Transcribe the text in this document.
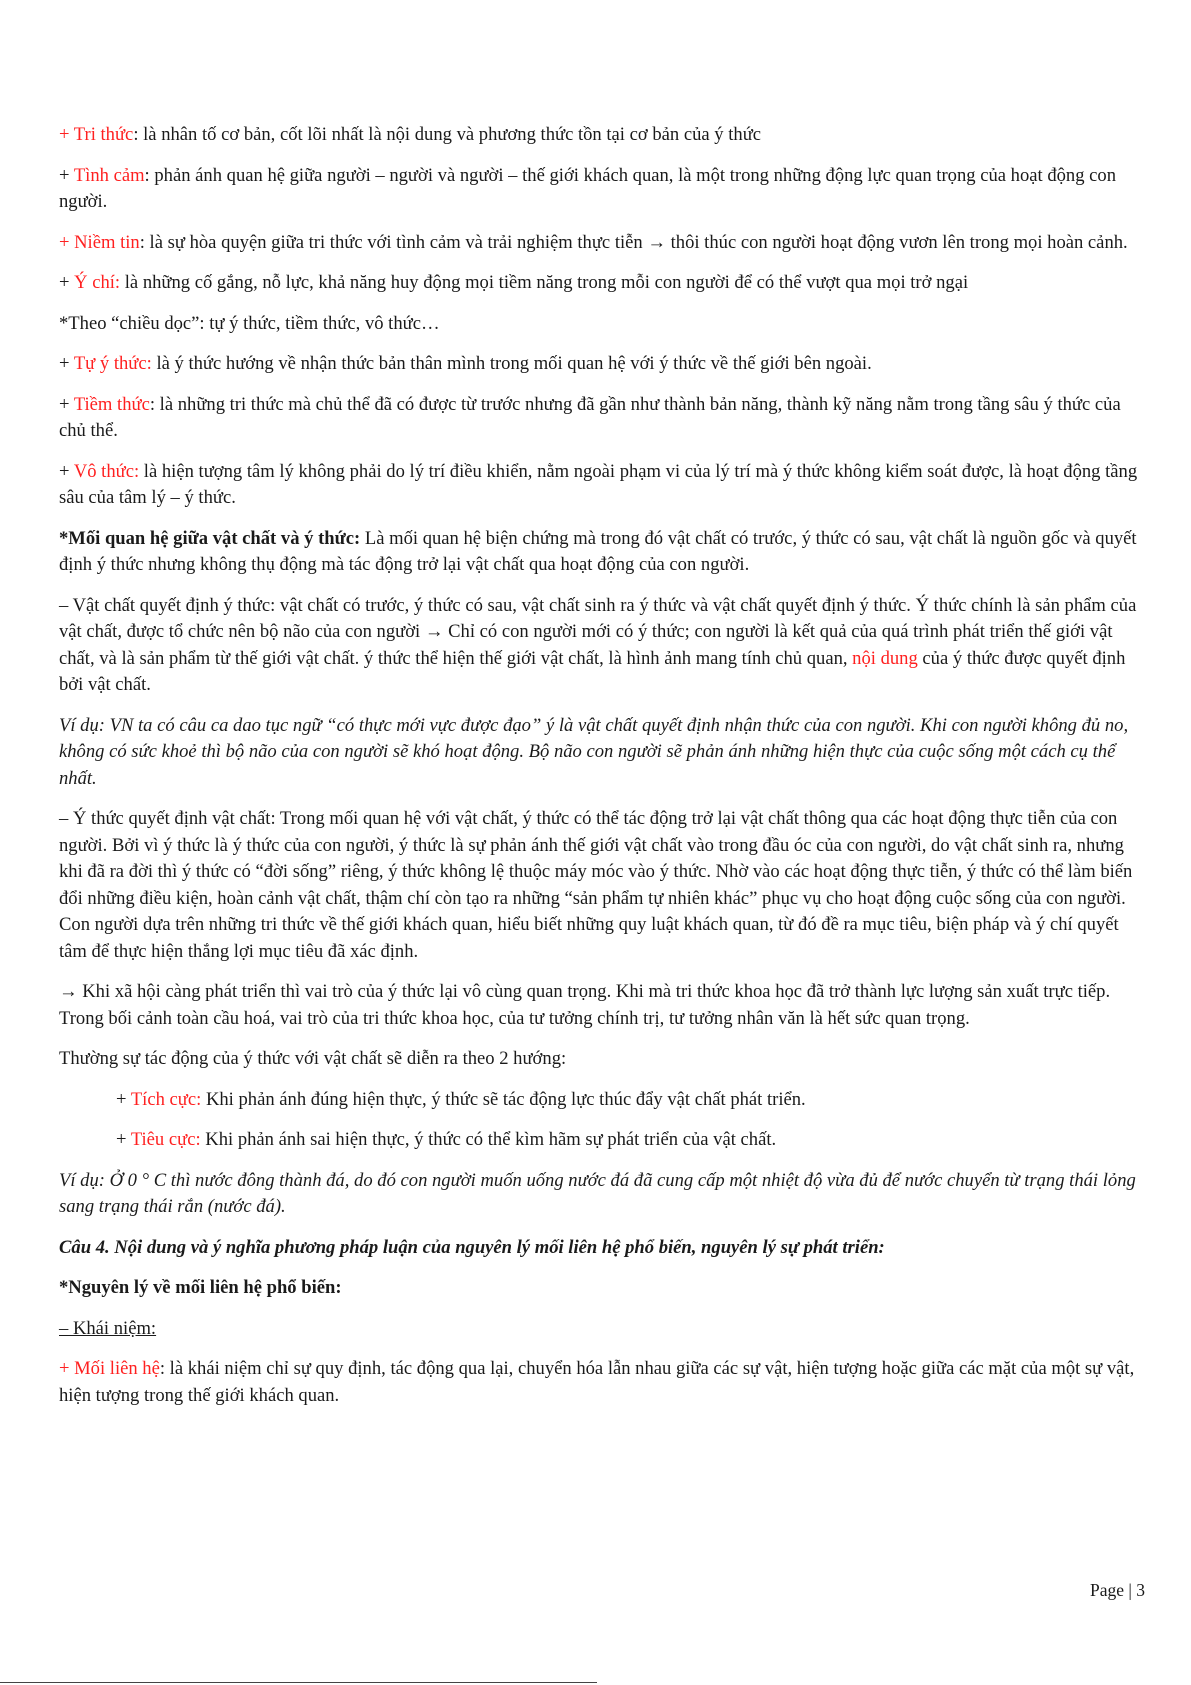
+ Tri thức: là nhân tố cơ bản, cốt lõi nhất là nội dung và phương thức tồn tại cơ bản của ý thức

+ Tình cảm: phản ánh quan hệ giữa người – người và người – thế giới khách quan, là một trong những động lực quan trọng của hoạt động con người.

+ Niềm tin: là sự hòa quyện giữa tri thức với tình cảm và trải nghiệm thực tiễn → thôi thúc con người hoạt động vươn lên trong mọi hoàn cảnh.

+ Ý chí: là những cố gắng, nỗ lực, khả năng huy động mọi tiềm năng trong mỗi con người để có thể vượt qua mọi trở ngại

*Theo “chiều dọc”: tự ý thức, tiềm thức, vô thức…

+ Tự ý thức: là ý thức hướng về nhận thức bản thân mình trong mối quan hệ với ý thức về thế giới bên ngoài.

+ Tiềm thức: là những tri thức mà chủ thể đã có được từ trước nhưng đã gần như thành bản năng, thành kỹ năng nằm trong tầng sâu ý thức của chủ thể.

+ Vô thức: là hiện tượng tâm lý không phải do lý trí điều khiển, nằm ngoài phạm vi của lý trí mà ý thức không kiểm soát được, là hoạt động tầng sâu của tâm lý – ý thức.

*Mối quan hệ giữa vật chất và ý thức: Là mối quan hệ biện chứng mà trong đó vật chất có trước, ý thức có sau, vật chất là nguồn gốc và quyết định ý thức nhưng không thụ động mà tác động trở lại vật chất qua hoạt động của con người.

– Vật chất quyết định ý thức: vật chất có trước, ý thức có sau, vật chất sinh ra ý thức và vật chất quyết định ý thức. Ý thức chính là sản phẩm của vật chất, được tổ chức nên bộ não của con người → Chỉ có con người mới có ý thức; con người là kết quả của quá trình phát triển thế giới vật chất, và là sản phẩm từ thế giới vật chất. ý thức thể hiện thế giới vật chất, là hình ảnh mang tính chủ quan, nội dung của ý thức được quyết định bởi vật chất.

Ví dụ: VN ta có câu ca dao tục ngữ “có thực mới vực được đạo” ý là vật chất quyết định nhận thức của con người. Khi con người không đủ no, không có sức khoẻ thì bộ não của con người sẽ khó hoạt động. Bộ não con người sẽ phản ánh những hiện thực của cuộc sống một cách cụ thể nhất.

– Ý thức quyết định vật chất: Trong mối quan hệ với vật chất, ý thức có thể tác động trở lại vật chất thông qua các hoạt động thực tiễn của con người. Bởi vì ý thức là ý thức của con người, ý thức là sự phản ánh thế giới vật chất vào trong đầu óc của con người, do vật chất sinh ra, nhưng khi đã ra đời thì ý thức có “đời sống” riêng, ý thức không lệ thuộc máy móc vào ý thức. Nhờ vào các hoạt động thực tiễn, ý thức có thể làm biến đổi những điều kiện, hoàn cảnh vật chất, thậm chí còn tạo ra những “sản phẩm tự nhiên khác” phục vụ cho hoạt động cuộc sống của con người. Con người dựa trên những tri thức về thế giới khách quan, hiểu biết những quy luật khách quan, từ đó đề ra mục tiêu, biện pháp và ý chí quyết tâm để thực hiện thắng lợi mục tiêu đã xác định.

→ Khi xã hội càng phát triển thì vai trò của ý thức lại vô cùng quan trọng. Khi mà tri thức khoa học đã trở thành lực lượng sản xuất trực tiếp. Trong bối cảnh toàn cầu hoá, vai trò của tri thức khoa học, của tư tưởng chính trị, tư tưởng nhân văn là hết sức quan trọng.

Thường sự tác động của ý thức với vật chất sẽ diễn ra theo 2 hướng:

+ Tích cực: Khi phản ánh đúng hiện thực, ý thức sẽ tác động lực thúc đẩy vật chất phát triển.

+ Tiêu cực: Khi phản ánh sai hiện thực, ý thức có thể kìm hãm sự phát triển của vật chất.

Ví dụ: Ở 0 ° C thì nước đông thành đá, do đó con người muốn uống nước đá đã cung cấp một nhiệt độ vừa đủ để nước chuyển từ trạng thái lỏng sang trạng thái rắn (nước đá).

Câu 4. Nội dung và ý nghĩa phương pháp luận của nguyên lý mối liên hệ phổ biến, nguyên lý sự phát triển:

*Nguyên lý về mối liên hệ phổ biến:

– Khái niệm:

+ Mối liên hệ: là khái niệm chỉ sự quy định, tác động qua lại, chuyển hóa lẫn nhau giữa các sự vật, hiện tượng hoặc giữa các mặt của một sự vật, hiện tượng trong thế giới khách quan.

Page | 3
